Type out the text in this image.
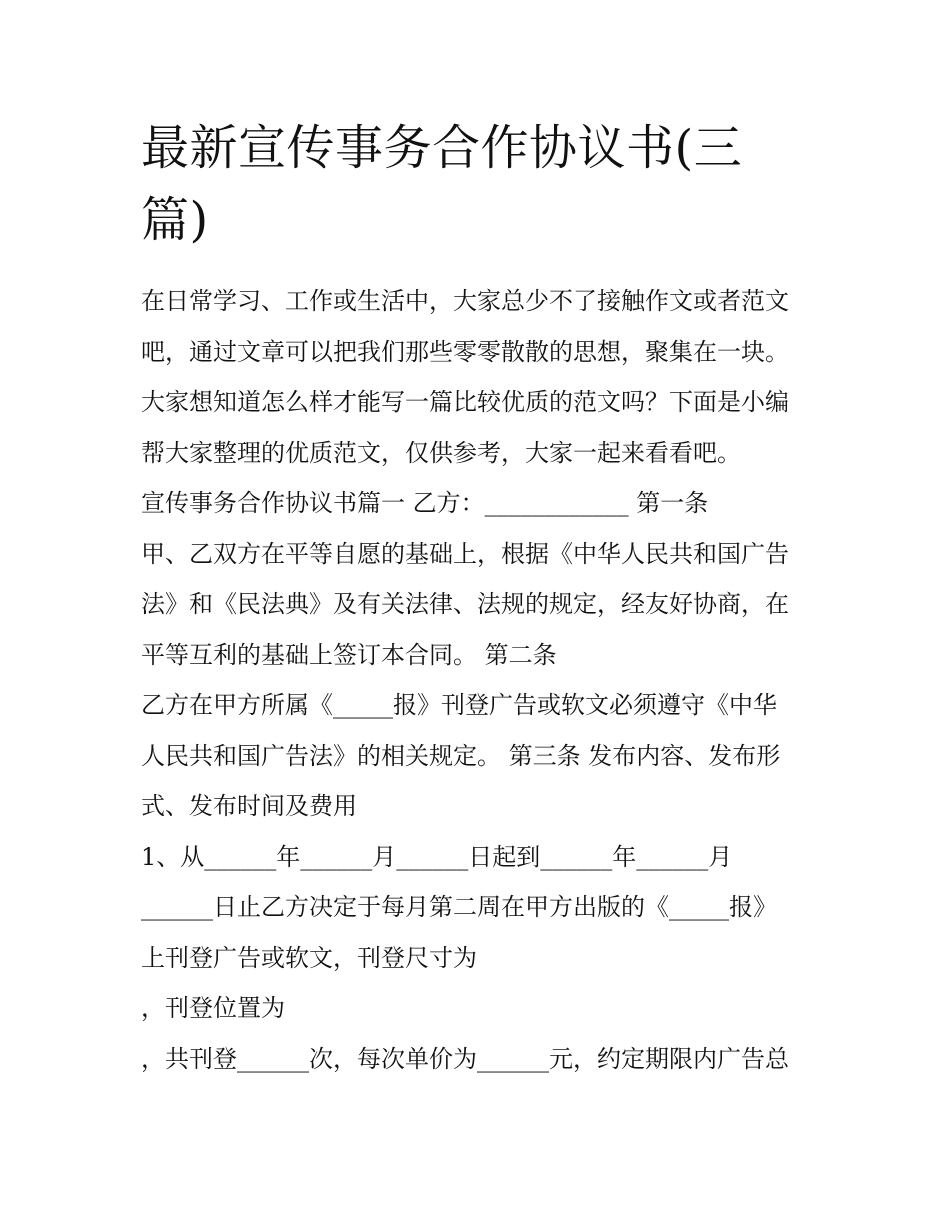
最新宣传事务合作协议书(三
篇)

在日常学习、工作或生活中，大家总少不了接触作文或者范文

吧，通过文章可以把我们那些零零散散的思想，聚集在一块。

大家想知道怎么样才能写一篇比较优质的范文吗？下面是小编

帮大家整理的优质范文，仅供参考，大家一起来看看吧。

宣传事务合作协议书篇一 乙方：____________ 第一条

甲、乙双方在平等自愿的基础上，根据《中华人民共和国广告

法》和《民法典》及有关法律、法规的规定，经友好协商，在

平等互利的基础上签订本合同。 第二条

乙方在甲方所属《_____报》刊登广告或软文必须遵守《中华

人民共和国广告法》的相关规定。 第三条 发布内容、发布形

式、发布时间及费用

1、从______年______月______日起到______年______月

______日止乙方决定于每月第二周在甲方出版的《_____报》

上刊登广告或软文，刊登尺寸为

，刊登位置为

，共刊登______次，每次单价为______元，约定期限内广告总
